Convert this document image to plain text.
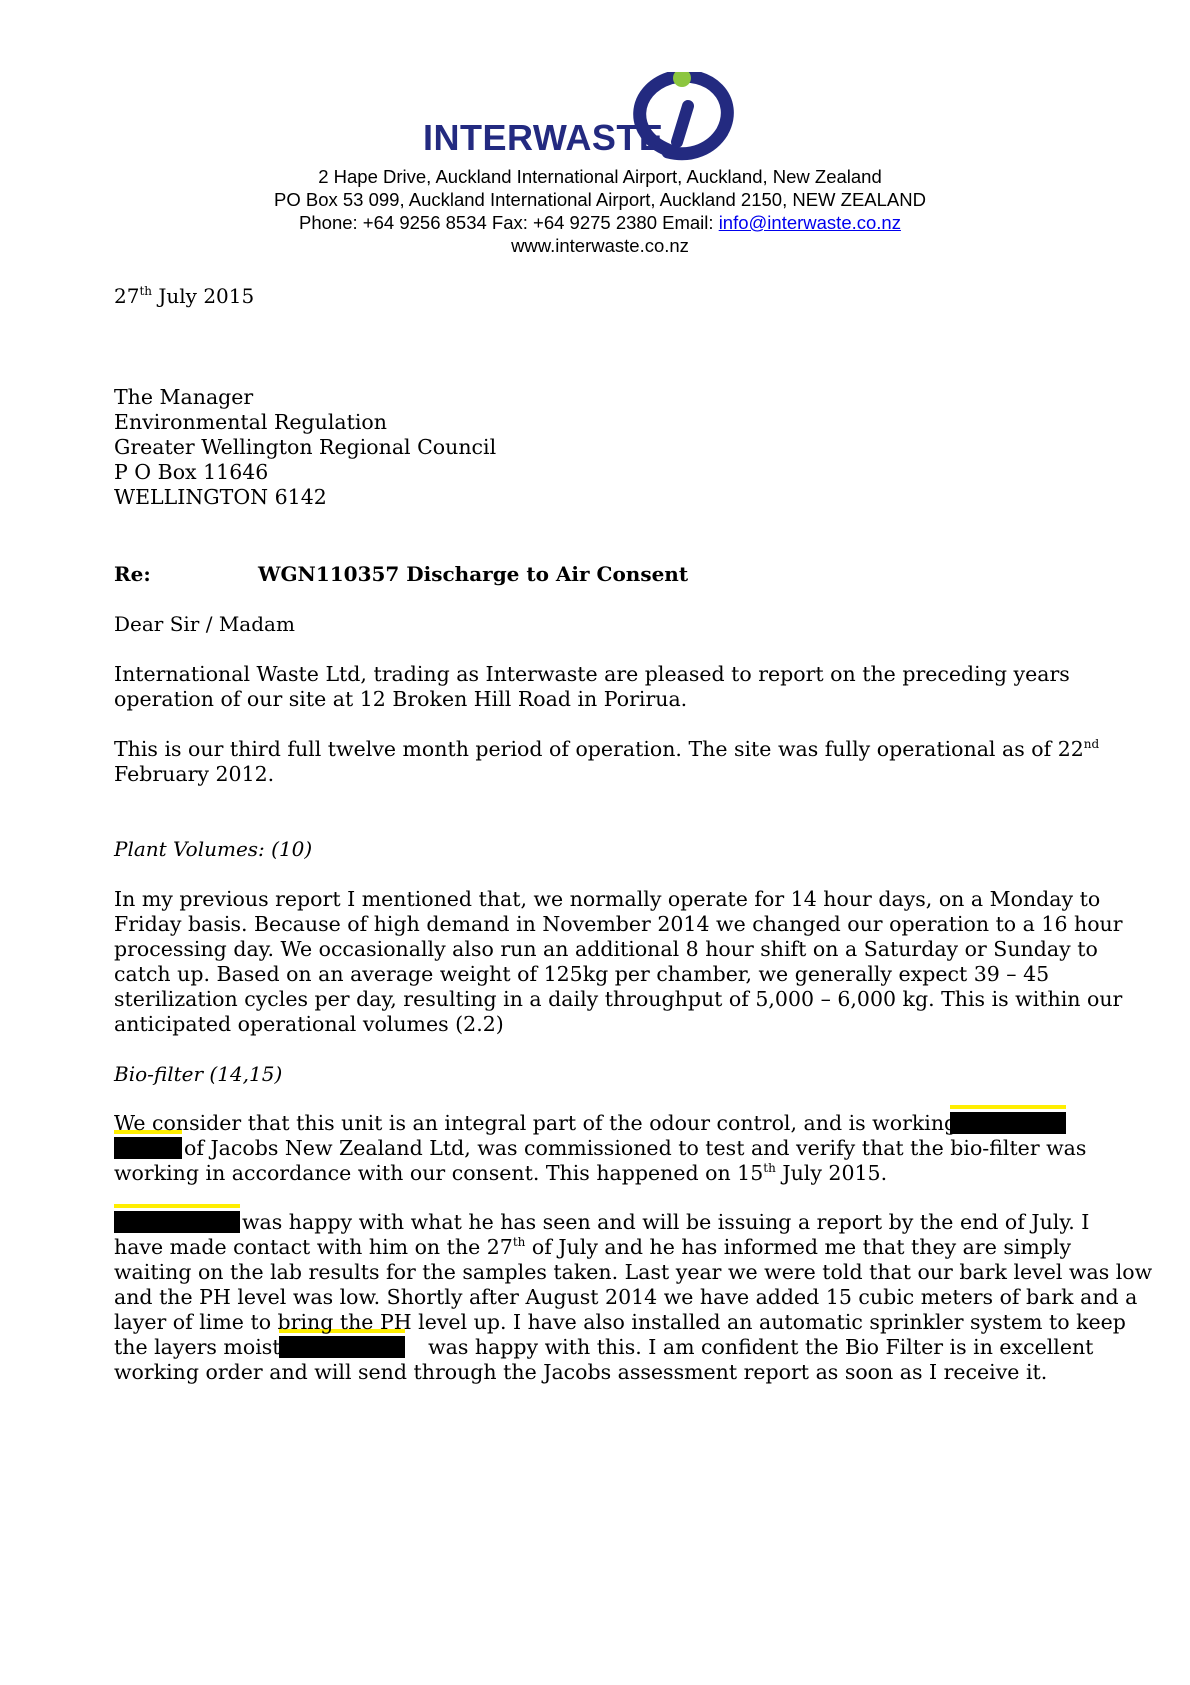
INTERWASTE
2 Hape Drive, Auckland International Airport, Auckland, New Zealand
PO Box 53 099, Auckland International Airport, Auckland 2150, NEW ZEALAND
Phone: +64 9256 8534 Fax: +64 9275 2380 Email: info@interwaste.co.nz
www.interwaste.co.nz
27th July 2015
The Manager
Environmental Regulation
Greater Wellington Regional Council
P O Box 11646
WELLINGTON 6142
Re:	WGN110357 Discharge to Air Consent
Dear Sir / Madam
International Waste Ltd, trading as Interwaste are pleased to report on the preceding years
operation of our site at 12 Broken Hill Road in Porirua.
This is our third full twelve month period of operation. The site was fully operational as of 22nd
February 2012.
Plant Volumes: (10)
In my previous report I mentioned that, we normally operate for 14 hour days, on a Monday to
Friday basis. Because of high demand in November 2014 we changed our operation to a 16 hour
processing day. We occasionally also run an additional 8 hour shift on a Saturday or Sunday to
catch up. Based on an average weight of 125kg per chamber, we generally expect 39 – 45
sterilization cycles per day, resulting in a daily throughput of 5,000 – 6,000 kg. This is within our
anticipated operational volumes (2.2)
Bio-filter (14,15)
We consider that this unit is an integral part of the odour control, and is working well.
of Jacobs New Zealand Ltd, was commissioned to test and verify that the bio-filter was
working in accordance with our consent. This happened on 15th July 2015.
was happy with what he has seen and will be issuing a report by the end of July. I
have made contact with him on the 27th of July and he has informed me that they are simply
waiting on the lab results for the samples taken. Last year we were told that our bark level was low
and the PH level was low. Shortly after August 2014 we have added 15 cubic meters of bark and a
layer of lime to bring the PH level up. I have also installed an automatic sprinkler system to keep
the layers moist.	was happy with this. I am confident the Bio Filter is in excellent
working order and will send through the Jacobs assessment report as soon as I receive it.
